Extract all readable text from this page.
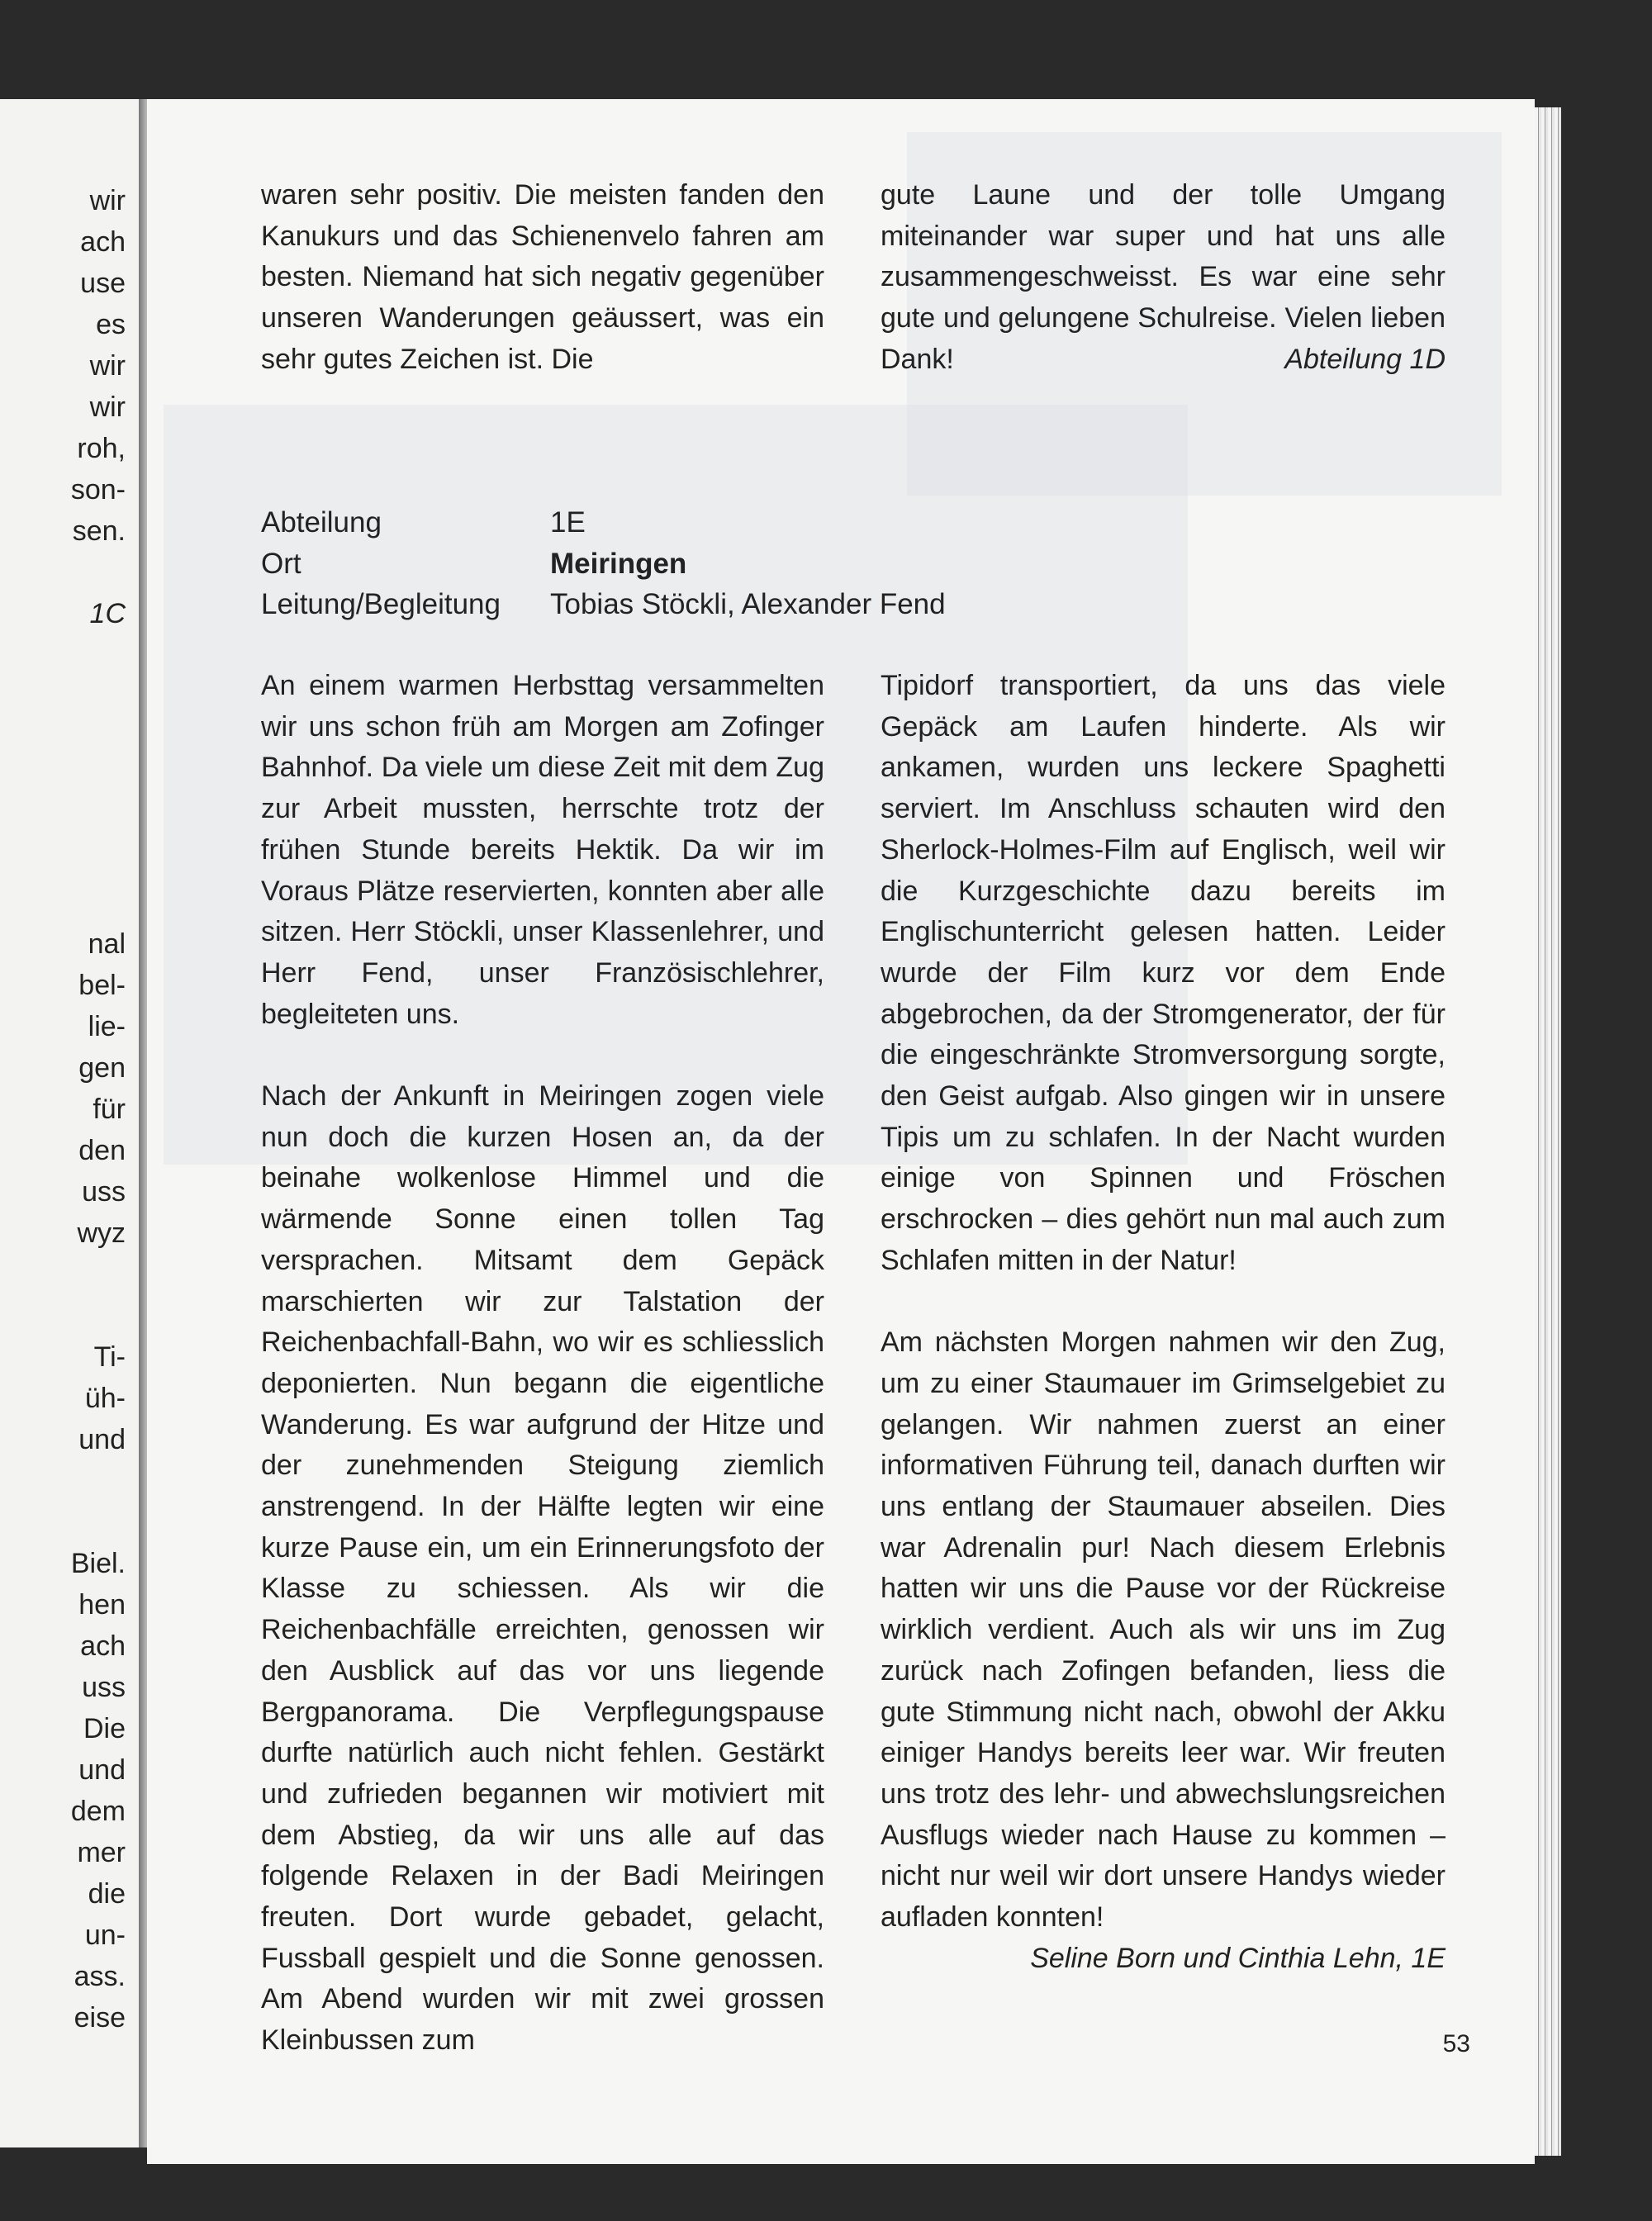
wir
ach
use
es
wir
wir
roh,
son-
sen.
1C
nal
bel-
lie-
gen
für
den
uss
wyz
Ti-
üh-
und
Biel.
hen
ach
uss
Die
und
dem
mer
die
un-
ass.
eise

waren sehr positiv. Die meisten fanden den Kanukurs und das Schienenvelo fahren am besten. Niemand hat sich negativ gegenüber unseren Wanderungen geäussert, was ein sehr gutes Zeichen ist. Die

gute Laune und der tolle Umgang miteinander war super und hat uns alle zusammengeschweisst. Es war eine sehr gute und gelungene Schulreise. Vielen lieben Dank!	Abteilung 1D

Abteilung	1E
Ort	Meiringen
Leitung/Begleitung	Tobias Stöckli, Alexander Fend

An einem warmen Herbsttag versammelten wir uns schon früh am Morgen am Zofinger Bahnhof. Da viele um diese Zeit mit dem Zug zur Arbeit mussten, herrschte trotz der frühen Stunde bereits Hektik. Da wir im Voraus Plätze reservierten, konnten aber alle sitzen. Herr Stöckli, unser Klassenlehrer, und Herr Fend, unser Französischlehrer, begleiteten uns.

Nach der Ankunft in Meiringen zogen viele nun doch die kurzen Hosen an, da der beinahe wolkenlose Himmel und die wärmende Sonne einen tollen Tag versprachen. Mitsamt dem Gepäck marschierten wir zur Talstation der Reichenbachfall-Bahn, wo wir es schliesslich deponierten. Nun begann die eigentliche Wanderung. Es war aufgrund der Hitze und der zunehmenden Steigung ziemlich anstrengend. In der Hälfte legten wir eine kurze Pause ein, um ein Erinnerungsfoto der Klasse zu schiessen. Als wir die Reichenbachfälle erreichten, genossen wir den Ausblick auf das vor uns liegende Bergpanorama. Die Verpflegungspause durfte natürlich auch nicht fehlen. Gestärkt und zufrieden begannen wir motiviert mit dem Abstieg, da wir uns alle auf das folgende Relaxen in der Badi Meiringen freuten. Dort wurde gebadet, gelacht, Fussball gespielt und die Sonne genossen. Am Abend wurden wir mit zwei grossen Kleinbussen zum

Tipidorf transportiert, da uns das viele Gepäck am Laufen hinderte. Als wir ankamen, wurden uns leckere Spaghetti serviert. Im Anschluss schauten wird den Sherlock-Holmes-Film auf Englisch, weil wir die Kurzgeschichte dazu bereits im Englischunterricht gelesen hatten. Leider wurde der Film kurz vor dem Ende abgebrochen, da der Stromgenerator, der für die eingeschränkte Stromversorgung sorgte, den Geist aufgab. Also gingen wir in unsere Tipis um zu schlafen. In der Nacht wurden einige von Spinnen und Fröschen erschrocken – dies gehört nun mal auch zum Schlafen mitten in der Natur!

Am nächsten Morgen nahmen wir den Zug, um zu einer Staumauer im Grimselgebiet zu gelangen. Wir nahmen zuerst an einer informativen Führung teil, danach durften wir uns entlang der Staumauer abseilen. Dies war Adrenalin pur! Nach diesem Erlebnis hatten wir uns die Pause vor der Rückreise wirklich verdient. Auch als wir uns im Zug zurück nach Zofingen befanden, liess die gute Stimmung nicht nach, obwohl der Akku einiger Handys bereits leer war. Wir freuten uns trotz des lehr- und abwechslungsreichen Ausflugs wieder nach Hause zu kommen – nicht nur weil wir dort unsere Handys wieder aufladen konnten!

Seline Born und Cinthia Lehn, 1E

53
